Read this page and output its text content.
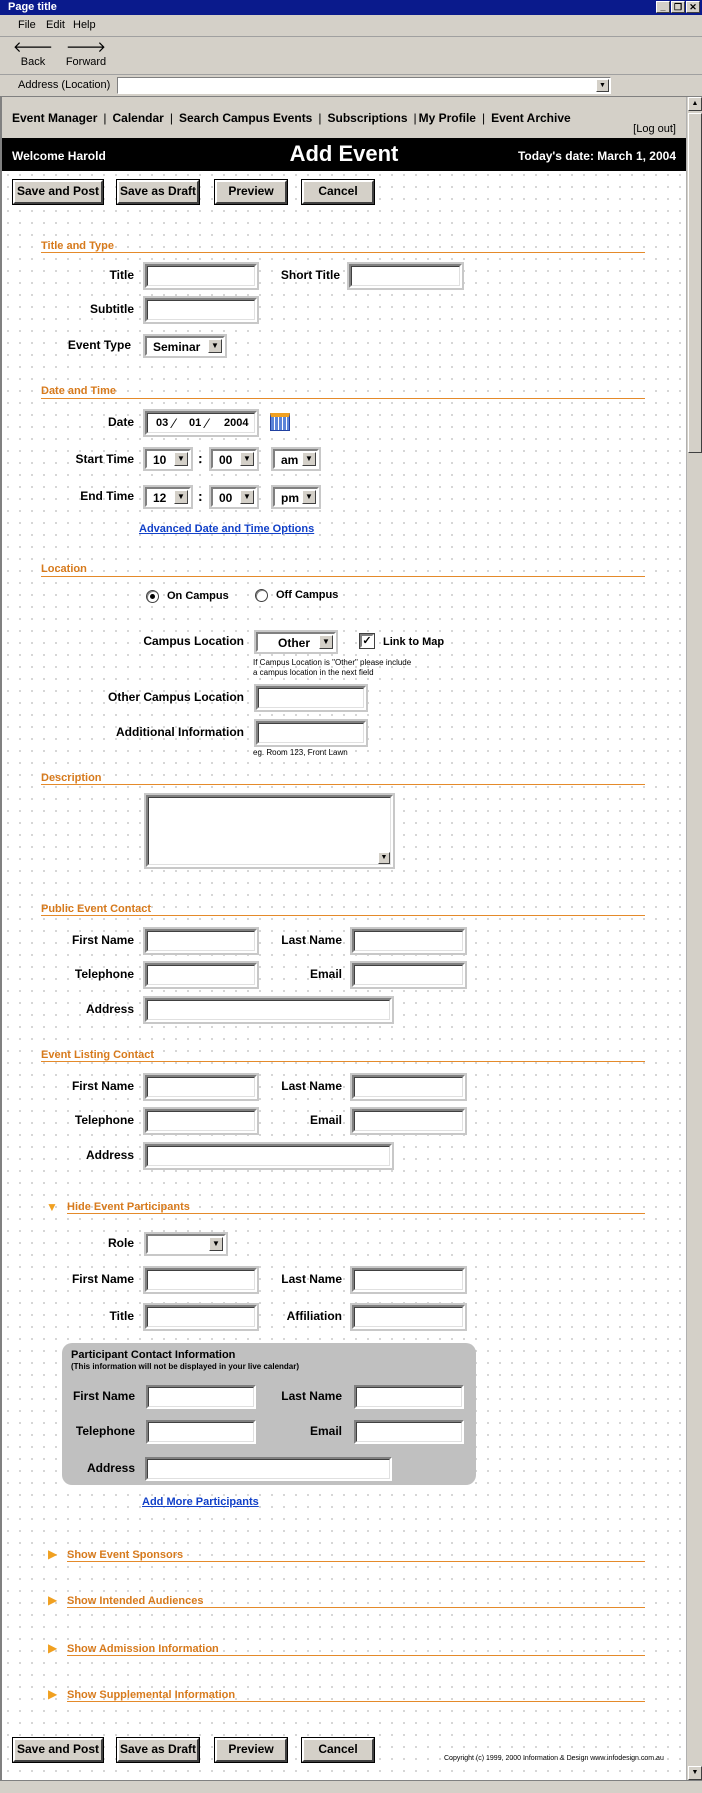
Page title	_ ❐ ✕
File Edit Help
🡐
Back
🡒
Forward
Address (Location)	▼
Event Manager | Calendar | Search Campus Events | Subscriptions | My Profile | Event Archive
[Log out]
Welcome Harold	Add Event	Today's date: March 1, 2004
▲
▼
Save and Post	Save as Draft	Preview	Cancel
Title and Type
Title	Short Title
Subtitle
Event Type Seminar	▼
Date and Time
Date 03 ⁄ 01 ⁄ 2004
Start Time 10	▼ : 00	▼	am ▼
End Time 12	▼ : 00	▼	pm ▼
Advanced Date and Time Options
Location
On Campus	Off Campus
Campus Location	Other	▼	✓ Link to Map
If Campus Location is "Other" please include
a campus location in the next field
Other Campus Location
Additional Information
eg. Room 123, Front Lawn
Description
▼
Public Event Contact
First Name	Last Name
Telephone	Email
Address
Event Listing Contact
First Name	Last Name
Telephone	Email
Address
▼ Hide Event Participants
Role	▼
First Name	Last Name
Title	Affiliation
Participant Contact Information
(This information will not be displayed in your live calendar)
First Name	Last Name
Telephone	Email
Address
Add More Participants
▶ Show Event Sponsors
▶ Show Intended Audiences
▶ Show Admission Information
▶ Show Supplemental Information
Save and Post	Save as Draft	Preview	Cancel
Copyright (c) 1999, 2000 Information & Design www.infodesign.com.au
